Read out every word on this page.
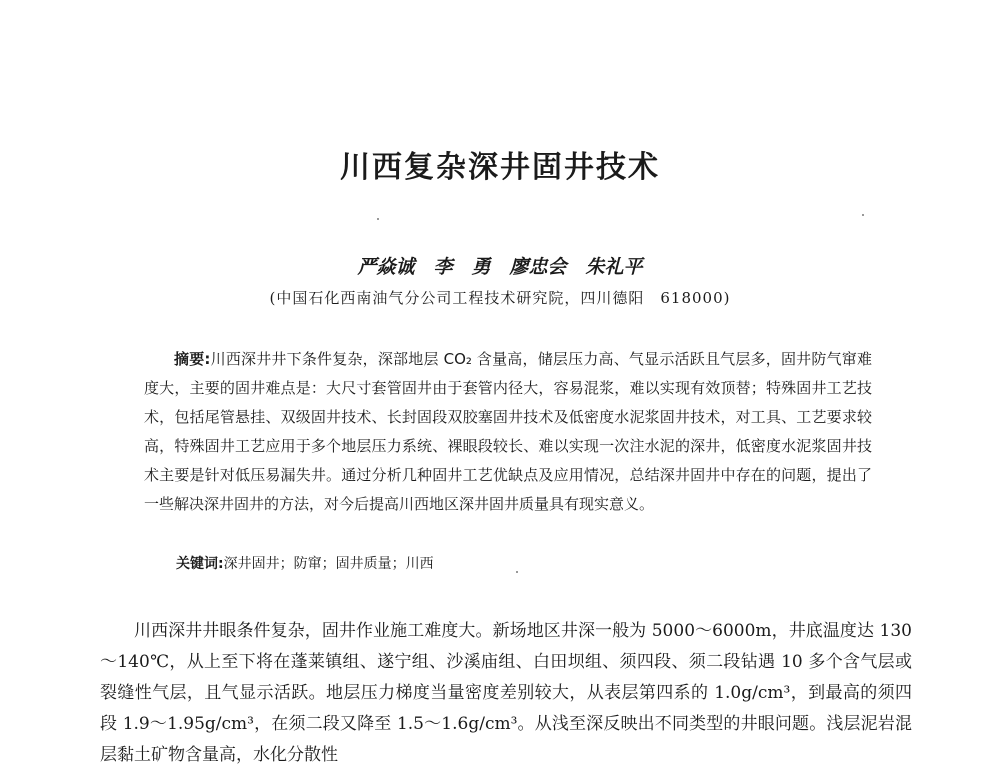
川西复杂深井固井技术
严焱诚　李　勇　廖忠会　朱礼平
(中国石化西南油气分公司工程技术研究院，四川德阳　618000)

摘要:川西深井井下条件复杂，深部地层 CO₂ 含量高，储层压力高、气显示活跃且气层多，固井防气窜难度大，主要的固井难点是：大尺寸套管固井由于套管内径大，容易混浆，难以实现有效顶替；特殊固井工艺技术，包括尾管悬挂、双级固井技术、长封固段双胶塞固井技术及低密度水泥浆固井技术，对工具、工艺要求较高，特殊固井工艺应用于多个地层压力系统、裸眼段较长、难以实现一次注水泥的深井，低密度水泥浆固井技术主要是针对低压易漏失井。通过分析几种固井工艺优缺点及应用情况，总结深井固井中存在的问题，提出了一些解决深井固井的方法，对今后提高川西地区深井固井质量具有现实意义。

关键词:深井固井；防窜；固井质量；川西

川西深井井眼条件复杂，固井作业施工难度大。新场地区井深一般为 5000～6000m，井底温度达 130～140℃，从上至下将在蓬莱镇组、遂宁组、沙溪庙组、白田坝组、须四段、须二段钻遇 10 多个含气层或裂缝性气层，且气显示活跃。地层压力梯度当量密度差别较大，从表层第四系的 1.0g/cm³，到最高的须四段 1.9～1.95g/cm³，在须二段又降至 1.5～1.6g/cm³。从浅至深反映出不同类型的井眼问题。浅层泥岩混层黏土矿物含量高，水化分散性
